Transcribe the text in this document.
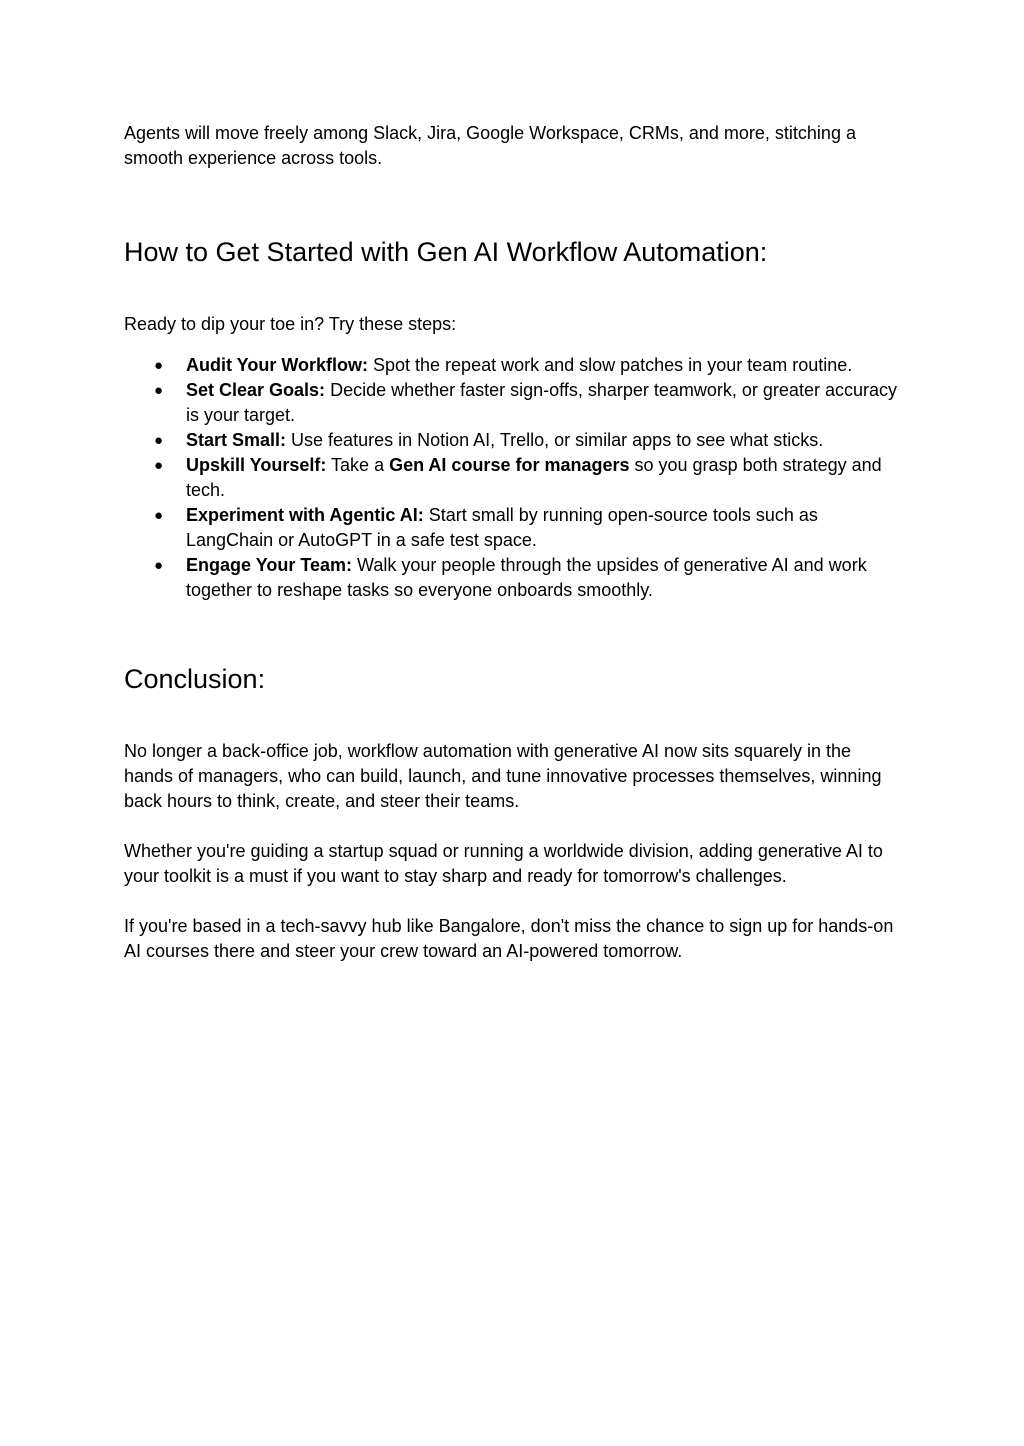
Agents will move freely among Slack, Jira, Google Workspace, CRMs, and more, stitching a smooth experience across tools.

How to Get Started with Gen AI Workflow Automation:

Ready to dip your toe in? Try these steps:

●	Audit Your Workflow: Spot the repeat work and slow patches in your team routine.
●	Set Clear Goals: Decide whether faster sign-offs, sharper teamwork, or greater accuracy is your target.
●	Start Small: Use features in Notion AI, Trello, or similar apps to see what sticks.
●	Upskill Yourself: Take a Gen AI course for managers so you grasp both strategy and tech.
●	Experiment with Agentic AI: Start small by running open-source tools such as LangChain or AutoGPT in a safe test space.
●	Engage Your Team: Walk your people through the upsides of generative AI and work together to reshape tasks so everyone onboards smoothly.
Conclusion:

No longer a back-office job, workflow automation with generative AI now sits squarely in the hands of managers, who can build, launch, and tune innovative processes themselves, winning back hours to think, create, and steer their teams.

Whether you're guiding a startup squad or running a worldwide division, adding generative AI to your toolkit is a must if you want to stay sharp and ready for tomorrow's challenges.

If you're based in a tech-savvy hub like Bangalore, don't miss the chance to sign up for hands-on AI courses there and steer your crew toward an AI-powered tomorrow.
